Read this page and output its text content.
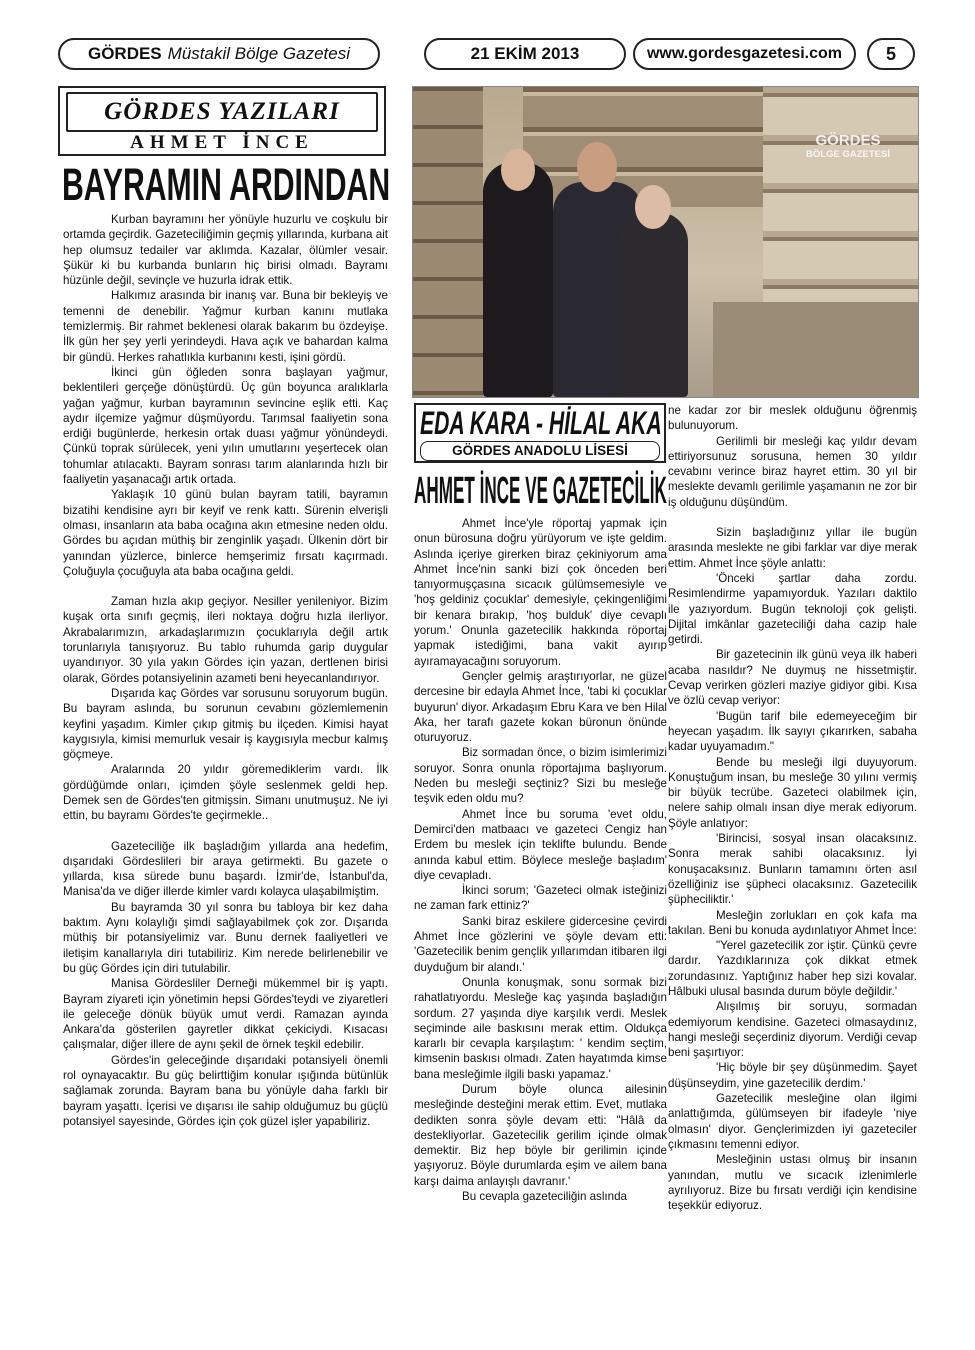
GÖRDES Müstakil Bölge Gazetesi	21 EKİM 2013	www.gordesgazetesi.com 5
GÖRDES YAZILARI
AHMET İNCE
BAYRAMIN ARDINDAN

Kurban bayramını her yönüyle huzurlu ve coşkulu bir ortamda geçirdik. Gazeteciliğimin geçmiş yıllarında, kurbana ait hep olumsuz tedailer var aklımda. Kazalar, ölümler vesair. Şükür ki bu kurbanda bunların hiç birisi olmadı. Bayramı hüzünle değil, sevinçle ve huzurla idrak ettik.

Halkımız arasında bir inanış var. Buna bir bekleyiş ve temenni de denebilir. Yağmur kurban kanını mutlaka temizlermiş. Bir rahmet beklenesi olarak bakarım bu özdeyişe. İlk gün her şey yerli yerindeydi. Hava açık ve bahardan kalma bir gündü. Herkes rahatlıkla kurbanını kesti, işini gördü.

İkinci gün öğleden sonra başlayan yağmur, beklentileri gerçeğe dönüştürdü. Üç gün boyunca aralıklarla yağan yağmur, kurban bayramının sevincine eşlik etti. Kaç aydır ilçemize yağmur düşmüyordu. Tarımsal faaliyetin sona erdiği bugünlerde, herkesin ortak duası yağmur yönündeydi. Çünkü toprak sürülecek, yeni yılın umutlarını yeşertecek olan tohumlar atılacaktı. Bayram sonrası tarım alanlarında hızlı bir faaliyetin yaşanacağı artık ortada.

Yaklaşık 10 günü bulan bayram tatili, bayramın bizatihi kendisine ayrı bir keyif ve renk kattı. Sürenin elverişli olması, insanların ata baba ocağına akın etmesine neden oldu. Gördes bu açıdan müthiş bir zenginlik yaşadı. Ülkenin dört bir yanından yüzlerce, binlerce hemşerimiz fırsatı kaçırmadı. Çoluğuyla çocuğuyla ata baba ocağına geldi.

Zaman hızla akıp geçiyor. Nesiller yenileniyor. Bizim kuşak orta sınıfı geçmiş, ileri noktaya doğru hızla ilerliyor. Akrabalarımızın, arkadaşlarımızın çocuklarıyla değil artık torunlarıyla tanışıyoruz. Bu tablo ruhumda garip duygular uyandırıyor. 30 yıla yakın Gördes için yazan, dertlenen birisi olarak, Gördes potansiyelinin azameti beni heyecanlandırıyor.

Dışarıda kaç Gördes var sorusunu soruyorum bugün. Bu bayram aslında, bu sorunun cevabını gözlemlemenin keyfini yaşadım. Kimler çıkıp gitmiş bu ilçeden. Kimisi hayat kaygısıyla, kimisi memurluk vesair iş kaygısıyla mecbur kalmış göçmeye.

Aralarında 20 yıldır göremediklerim vardı. İlk gördüğümde onları, içimden şöyle seslenmek geldi hep. Demek sen de Gördes'ten gitmişsin. Simanı unutmuşuz. Ne iyi ettin, bu bayramı Gördes'te geçirmekle..

Gazeteciliğe ilk başladığım yıllarda ana hedefim, dışarıdaki Gördeslileri bir araya getirmekti. Bu gazete o yıllarda, kısa sürede bunu başardı. İzmir'de, İstanbul'da, Manisa'da ve diğer illerde kimler vardı kolayca ulaşabilmiştim.

Bu bayramda 30 yıl sonra bu tabloya bir kez daha baktım. Aynı kolaylığı şimdi sağlayabilmek çok zor. Dışarıda müthiş bir potansiyelimiz var. Bunu dernek faaliyetleri ve iletişim kanallarıyla diri tutabiliriz. Kim nerede belirlenebilir ve bu güç Gördes için diri tutulabilir.

Manisa Gördesliler Derneği mükemmel bir iş yaptı. Bayram ziyareti için yönetimin hepsi Gördes'teydi ve ziyaretleri ile geleceğe dönük büyük umut verdi. Ramazan ayında Ankara'da gösterilen gayretler dikkat çekiciydi. Kısacası çalışmalar, diğer illere de aynı şekil de örnek teşkil edebilir.

Gördes'in geleceğinde dışarıdaki potansiyeli önemli rol oynayacaktır. Bu güç belirttiğim konular ışığında bütünlük sağlamak zorunda. Bayram bana bu yönüyle daha farklı bir bayram yaşattı. İçerisi ve dışarısı ile sahip olduğumuz bu güçlü potansiyel sayesinde, Gördes için çok güzel işler yapabiliriz.

GÖRDES
BÖLGE GAZETESİ
EDA KARA - HİLAL AKA
GÖRDES ANADOLU LİSESİ
AHMET İNCE VE GAZETECİLİK

Ahmet İnce'yle röportaj yapmak için onun bürosuna doğru yürüyorum ve işte geldim. Aslında içeriye girerken biraz çekiniyorum ama Ahmet İnce'nin sanki bizi çok önceden beri tanıyormuşçasına sıcacık gülümsemesiyle ve 'hoş geldiniz çocuklar' demesiyle, çekingenliğimi bir kenara bırakıp, 'hoş bulduk' diye cevaplı yorum.' Onunla gazetecilik hakkında röportaj yapmak istediğimi, bana vakit ayırıp ayıramayacağını soruyorum.

Gençler gelmiş araştırıyorlar, ne güzel dercesine bir edayla Ahmet İnce, 'tabi ki çocuklar buyurun' diyor. Arkadaşım Ebru Kara ve ben Hilal Aka, her tarafı gazete kokan büronun önünde oturuyoruz.

Biz sormadan önce, o bizim isimlerimizi soruyor. Sonra onunla röportajıma başlıyorum. Neden bu mesleği seçtiniz? Sizi bu mesleğe teşvik eden oldu mu?

Ahmet İnce bu soruma 'evet oldu, Demirci'den matbaacı ve gazeteci Cengiz han Erdem bu meslek için teklifte bulundu. Bende anında kabul ettim. Böylece mesleğe başladım' diye cevapladı.

İkinci sorum; 'Gazeteci olmak isteğinizi ne zaman fark ettiniz?'

Sanki biraz eskilere gidercesine çevirdi Ahmet İnce gözlerini ve şöyle devam etti: 'Gazetecilik benim gençlik yıllarımdan itibaren ilgi duyduğum bir alandı.'

Onunla konuşmak, sonu sormak bizi rahatlatıyordu. Mesleğe kaç yaşında başladığın sordum. 27 yaşında diye karşılık verdi. Meslek seçiminde aile baskısını merak ettim. Oldukça kararlı bir cevapla karşılaştım: ' kendim seçtim, kimsenin baskısı olmadı. Zaten hayatımda kimse bana mesleğimle ilgili baskı yapamaz.'

Durum böyle olunca ailesinin mesleğinde desteğini merak ettim. Evet, mutlaka dedikten sonra şöyle devam etti: "Hâlâ da destekliyorlar. Gazetecilik gerilim içinde olmak demektir. Biz hep böyle bir gerilimin içinde yaşıyoruz. Böyle durumlarda eşim ve ailem bana karşı daima anlayışlı davranır.'

Bu cevapla gazeteciliğin aslında

ne kadar zor bir meslek olduğunu öğrenmiş bulunuyorum.

Gerilimli bir mesleği kaç yıldır devam ettiriyorsunuz sorusuna, hemen 30 yıldır cevabını verince biraz hayret ettim. 30 yıl bir meslekte devamlı gerilimle yaşamanın ne zor bir iş olduğunu düşündüm.

Sizin başladığınız yıllar ile bugün arasında meslekte ne gibi farklar var diye merak ettim. Ahmet İnce şöyle anlattı:

'Önceki şartlar daha zordu. Resimlendirme yapamıyorduk. Yazıları daktilo ile yazıyordum. Bugün teknoloji çok gelişti. Dijital imkânlar gazeteciliği daha cazip hale getirdi.

Bir gazetecinin ilk günü veya ilk haberi acaba nasıldır? Ne duymuş ne hissetmiştir. Cevap verirken gözleri maziye gidiyor gibi. Kısa ve özlü cevap veriyor:

'Bugün tarif bile edemeyeceğim bir heyecan yaşadım. İlk sayıyı çıkarırken, sabaha kadar uyuyamadım."

Bende bu mesleği ilgi duyuyorum. Konuştuğum insan, bu mesleğe 30 yılını vermiş bir büyük tecrübe. Gazeteci olabilmek için, nelere sahip olmalı insan diye merak ediyorum. Şöyle anlatıyor:

'Birincisi, sosyal insan olacaksınız. Sonra merak sahibi olacaksınız. İyi konuşacaksınız. Bunların tamamını örten asıl özelliğiniz ise şüpheci olacaksınız. Gazetecilik şüpheciliktir.'

Mesleğin zorlukları en çok kafa ma takılan. Beni bu konuda aydınlatıyor Ahmet İnce:

"Yerel gazetecilik zor iştir. Çünkü çevre dardır. Yazdıklarınıza çok dikkat etmek zorundasınız. Yaptığınız haber hep sizi kovalar. Hâlbuki ulusal basında durum böyle değildir.'

Alışılmış bir soruyu, sormadan edemiyorum kendisine. Gazeteci olmasaydınız, hangi mesleği seçerdiniz diyorum. Verdiği cevap beni şaşırtıyor:

'Hiç böyle bir şey düşünmedim. Şayet düşünseydim, yine gazetecilik derdim.'

Gazetecilik mesleğine olan ilgimi anlattığımda, gülümseyen bir ifadeyle 'niye olmasın' diyor. Gençlerimizden iyi gazeteciler çıkmasını temenni ediyor.

Mesleğinin ustası olmuş bir insanın yanından, mutlu ve sıcacık izlenimlerle ayrılıyoruz. Bize bu fırsatı verdiği için kendisine teşekkür ediyoruz.
